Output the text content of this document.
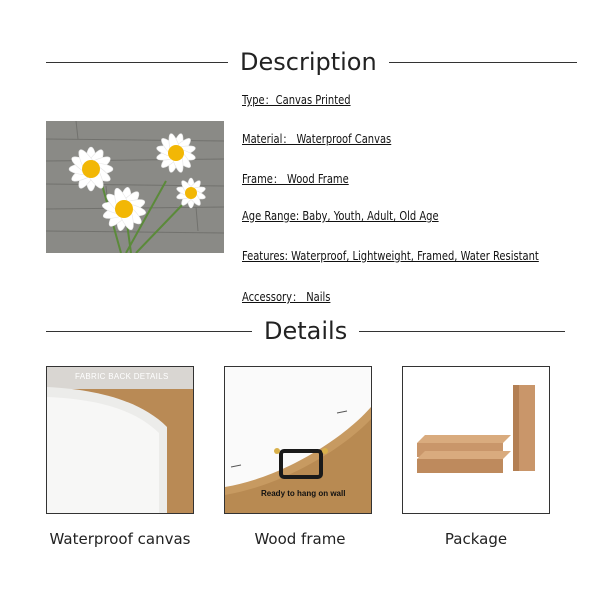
Description
Type：Canvas Printed
Material： Waterproof Canvas
Frame： Wood Frame
Age Range: Baby, Youth, Adult, Old Age
Features: Waterproof, Lightweight, Framed, Water Resistant
Accessory： Nails
Details
FABRIC BACK DETAILS
Ready to hang on wall
Waterproof canvas	Wood frame	Package
